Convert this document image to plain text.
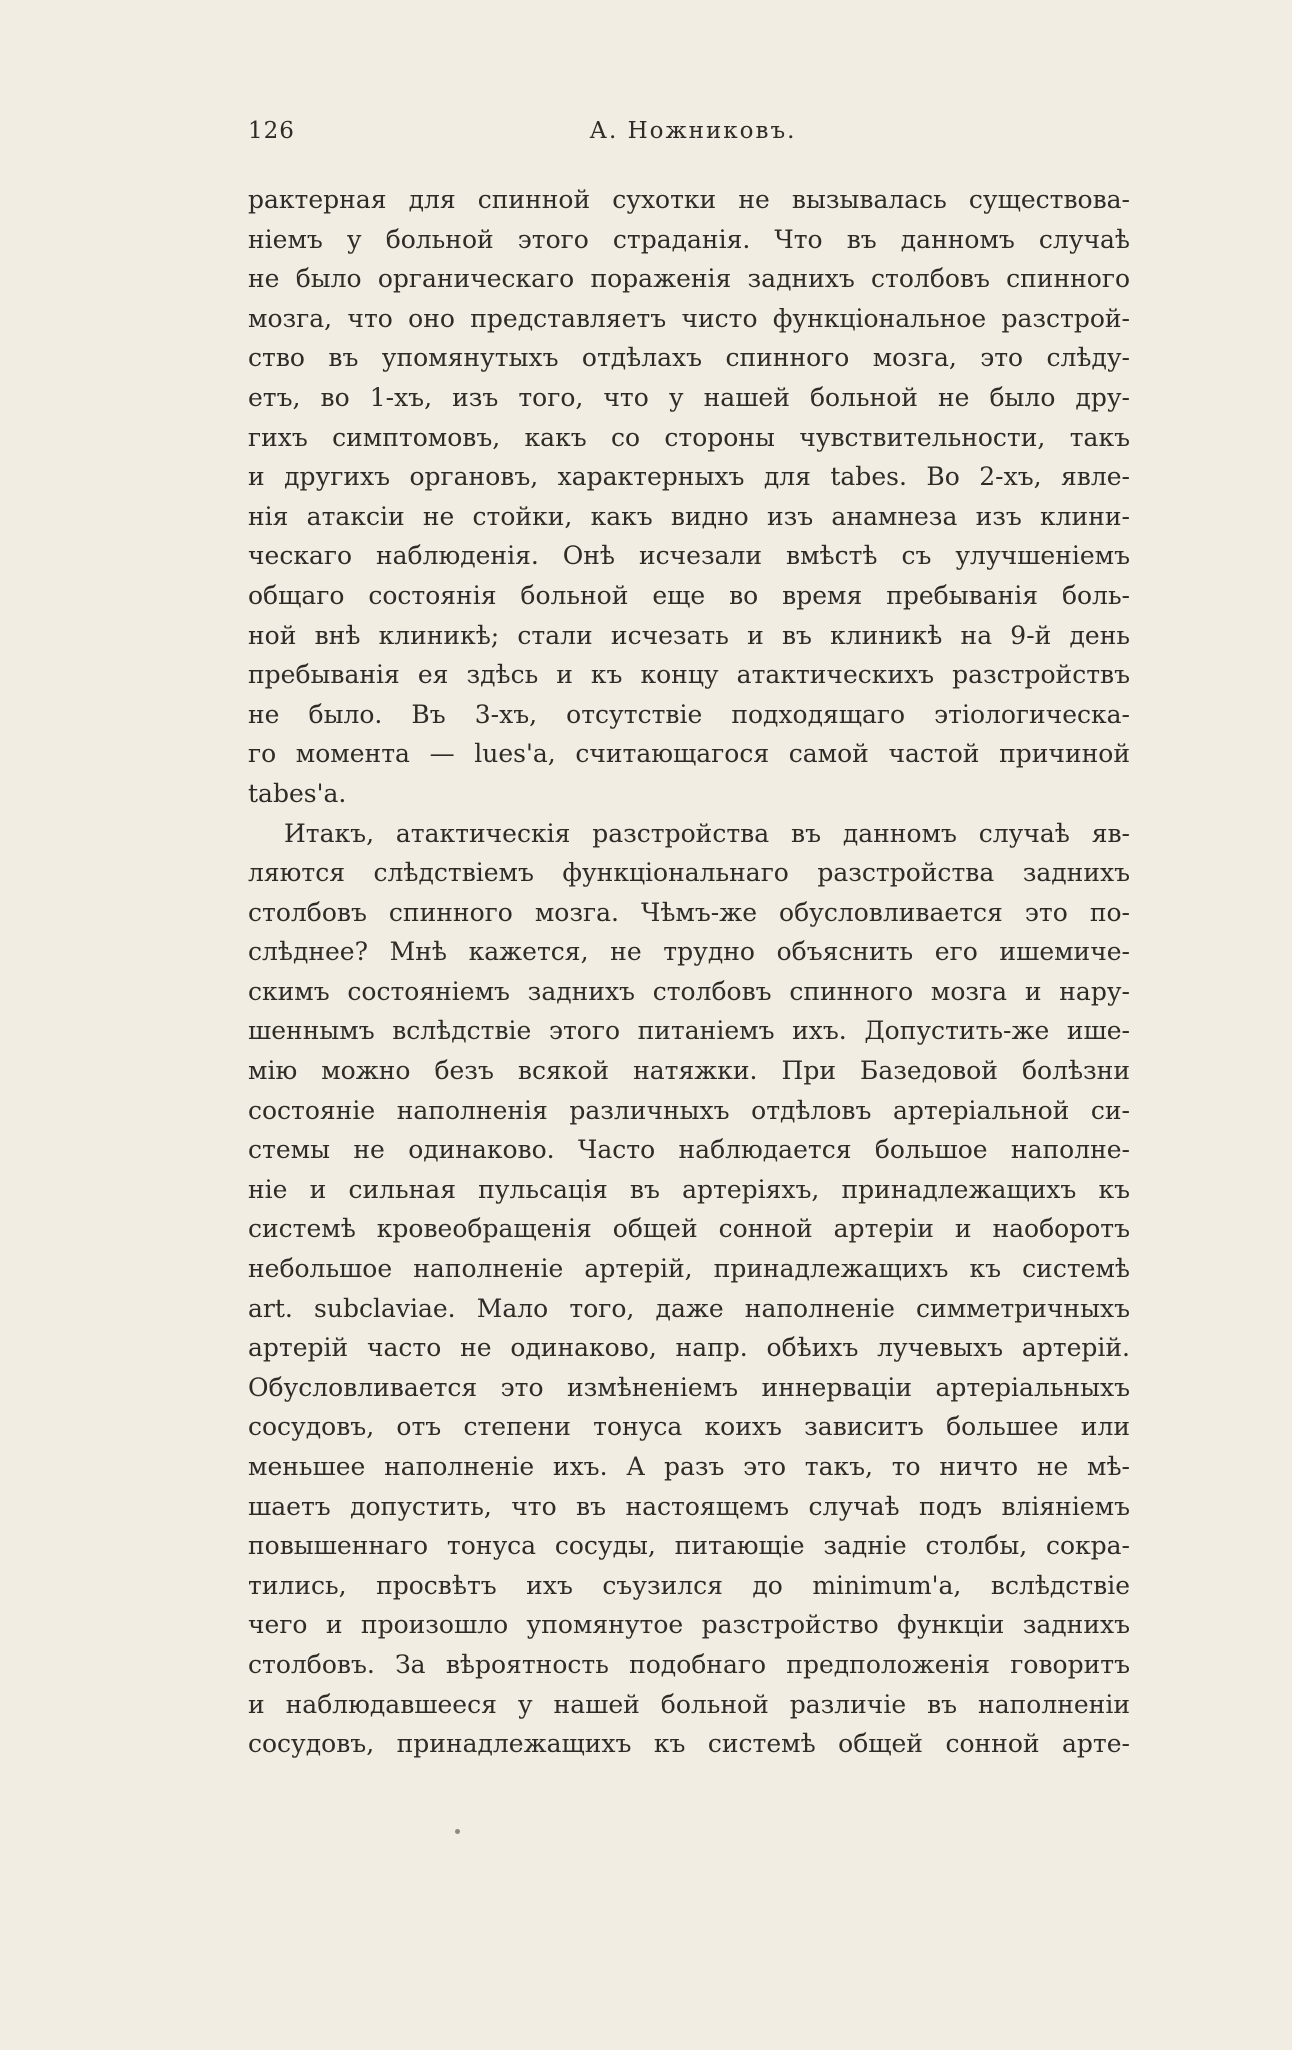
126	А. Ножниковъ.
рактерная для спинной сухотки не вызывалась существова-
ніемъ у больной этого страданія. Что въ данномъ случаѣ
не было органическаго пораженія заднихъ столбовъ спинного
мозга, что оно представляетъ чисто функціональное разстрой-
ство въ упомянутыхъ отдѣлахъ спинного мозга, это слѣду-
етъ, во 1-хъ, изъ того, что у нашей больной не было дру-
гихъ симптомовъ, какъ со стороны чувствительности, такъ
и другихъ органовъ, характерныхъ для tabes. Во 2-хъ, явле-
нія атаксіи не стойки, какъ видно изъ анамнеза изъ клини-
ческаго наблюденія. Онѣ исчезали вмѣстѣ съ улучшеніемъ
общаго состоянія больной еще во время пребыванія боль-
ной внѣ клиникѣ; стали исчезать и въ клиникѣ на 9-й день
пребыванія ея здѣсь и къ концу атактическихъ разстройствъ
не было. Въ 3-хъ, отсутствіе подходящаго этіологическа-
го момента — lues'a, считающагося самой частой причиной
tabes'a.
Итакъ, атактическія разстройства въ данномъ случаѣ яв-
ляются слѣдствіемъ функціональнаго разстройства заднихъ
столбовъ спинного мозга. Чѣмъ-же обусловливается это по-
слѣднее? Мнѣ кажется, не трудно объяснить его ишемиче-
скимъ состояніемъ заднихъ столбовъ спинного мозга и нару-
шеннымъ вслѣдствіе этого питаніемъ ихъ. Допустить-же ише-
мію можно безъ всякой натяжки. При Базедовой болѣзни
состояніе наполненія различныхъ отдѣловъ артеріальной си-
стемы не одинаково. Часто наблюдается большое наполне-
ніе и сильная пульсація въ артеріяхъ, принадлежащихъ къ
системѣ кровеобращенія общей сонной артеріи и наоборотъ
небольшое наполненіе артерій, принадлежащихъ къ системѣ
art. subclaviae. Мало того, даже наполненіе симметричныхъ
артерій часто не одинаково, напр. обѣихъ лучевыхъ артерій.
Обусловливается это измѣненіемъ иннерваціи артеріальныхъ
сосудовъ, отъ степени тонуса коихъ зависитъ большее или
меньшее наполненіе ихъ. А разъ это такъ, то ничто не мѣ-
шаетъ допустить, что въ настоящемъ случаѣ подъ вліяніемъ
повышеннаго тонуса сосуды, питающіе задніе столбы, сокра-
тились, просвѣтъ ихъ съузился до minimum'a, вслѣдствіе
чего и произошло упомянутое разстройство функціи заднихъ
столбовъ. За вѣроятность подобнаго предположенія говоритъ
и наблюдавшееся у нашей больной различіе въ наполненіи
сосудовъ, принадлежащихъ къ системѣ общей сонной арте-
